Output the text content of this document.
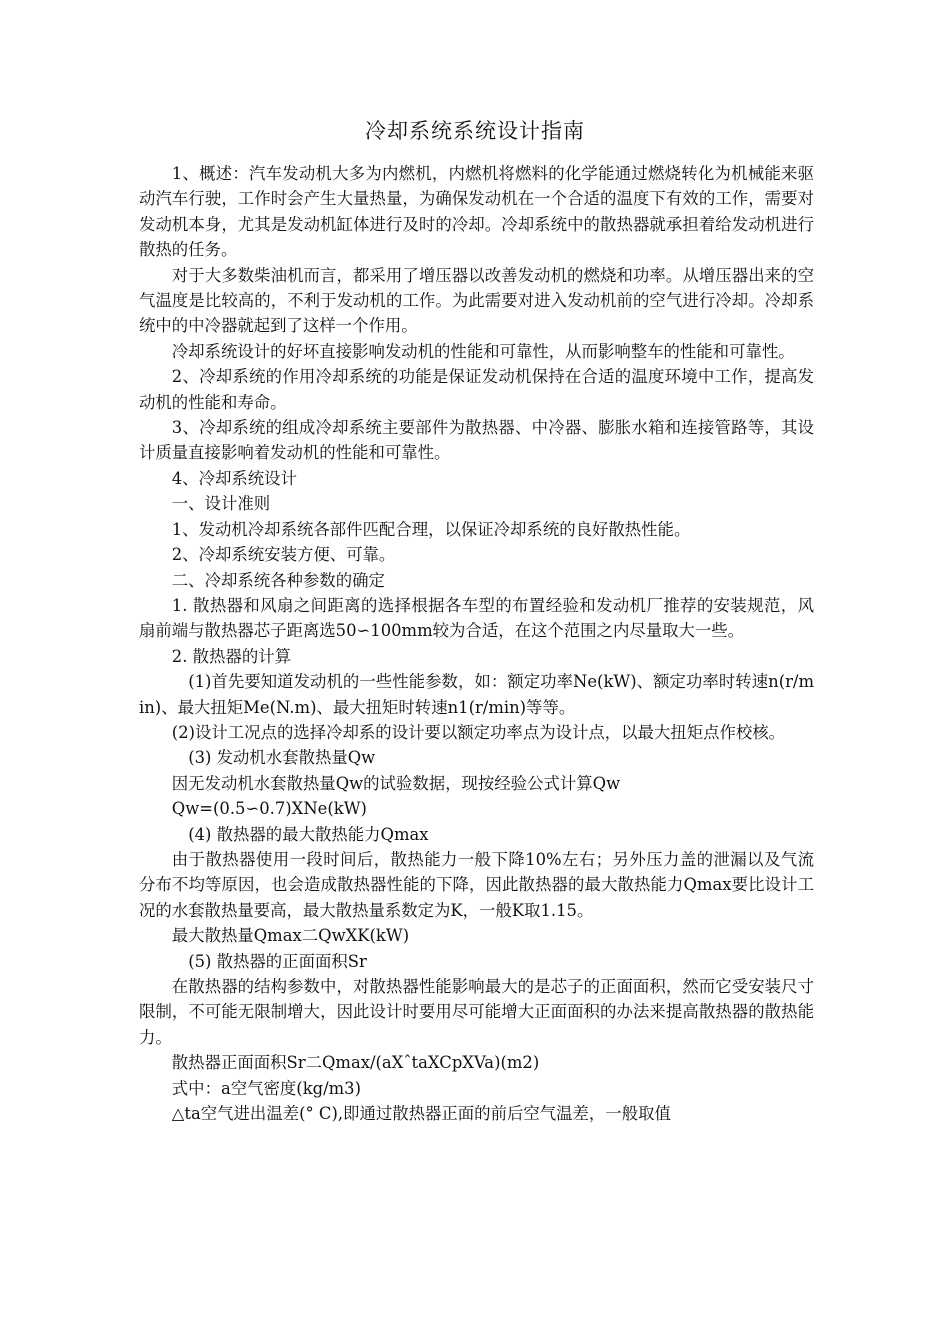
冷却系统系统设计指南

1、概述：汽车发动机大多为内燃机，内燃机将燃料的化学能通过燃烧转化为机械能来驱动汽车行驶，工作时会产生大量热量，为确保发动机在一个合适的温度下有效的工作，需要对发动机本身，尤其是发动机缸体进行及时的冷却。冷却系统中的散热器就承担着给发动机进行散热的任务。

对于大多数柴油机而言，都采用了增压器以改善发动机的燃烧和功率。从增压器出来的空气温度是比较高的，不利于发动机的工作。为此需要对进入发动机前的空气进行冷却。冷却系统中的中冷器就起到了这样一个作用。

冷却系统设计的好坏直接影响发动机的性能和可靠性，从而影响整车的性能和可靠性。

2、冷却系统的作用冷却系统的功能是保证发动机保持在合适的温度环境中工作，提高发动机的性能和寿命。

3、冷却系统的组成冷却系统主要部件为散热器、中冷器、膨胀水箱和连接管路等，其设计质量直接影响着发动机的性能和可靠性。

4、冷却系统设计

一、设计准则

1、发动机冷却系统各部件匹配合理，以保证冷却系统的良好散热性能。

2、冷却系统安装方便、可靠。

二、冷却系统各种参数的确定

1. 散热器和风扇之间距离的选择根据各车型的布置经验和发动机厂推荐的安装规范，风扇前端与散热器芯子距离选50∽100mm较为合适，在这个范围之内尽量取大一些。

2. 散热器的计算

(1)首先要知道发动机的一些性能参数，如：额定功率Ne(kW)、额定功率时转速n(r/min)、最大扭矩Me(N.m)、最大扭矩时转速n1(r/min)等等。

(2)设计工况点的选择冷却系的设计要以额定功率点为设计点，以最大扭矩点作校核。

(3) 发动机水套散热量Qw

因无发动机水套散热量Qw的试验数据，现按经验公式计算Qw

Qw=(0.5∽0.7)XNe(kW)

(4) 散热器的最大散热能力Qmax

由于散热器使用一段时间后，散热能力一般下降10%左右；另外压力盖的泄漏以及气流分布不均等原因，也会造成散热器性能的下降，因此散热器的最大散热能力Qmax要比设计工况的水套散热量要高，最大散热量系数定为K，一般K取1.15。

最大散热量Qmax二QwXK(kW)

(5) 散热器的正面面积Sr

在散热器的结构参数中，对散热器性能影响最大的是芯子的正面面积，然而它受安装尺寸限制，不可能无限制增大，因此设计时要用尽可能增大正面面积的办法来提高散热器的散热能力。

散热器正面面积Sr二Qmax/(aXˆtaXCpXVa)(m2)

式中：a空气密度(kg/m3)

△ta空气进出温差(° C),即通过散热器正面的前后空气温差，一般取值
